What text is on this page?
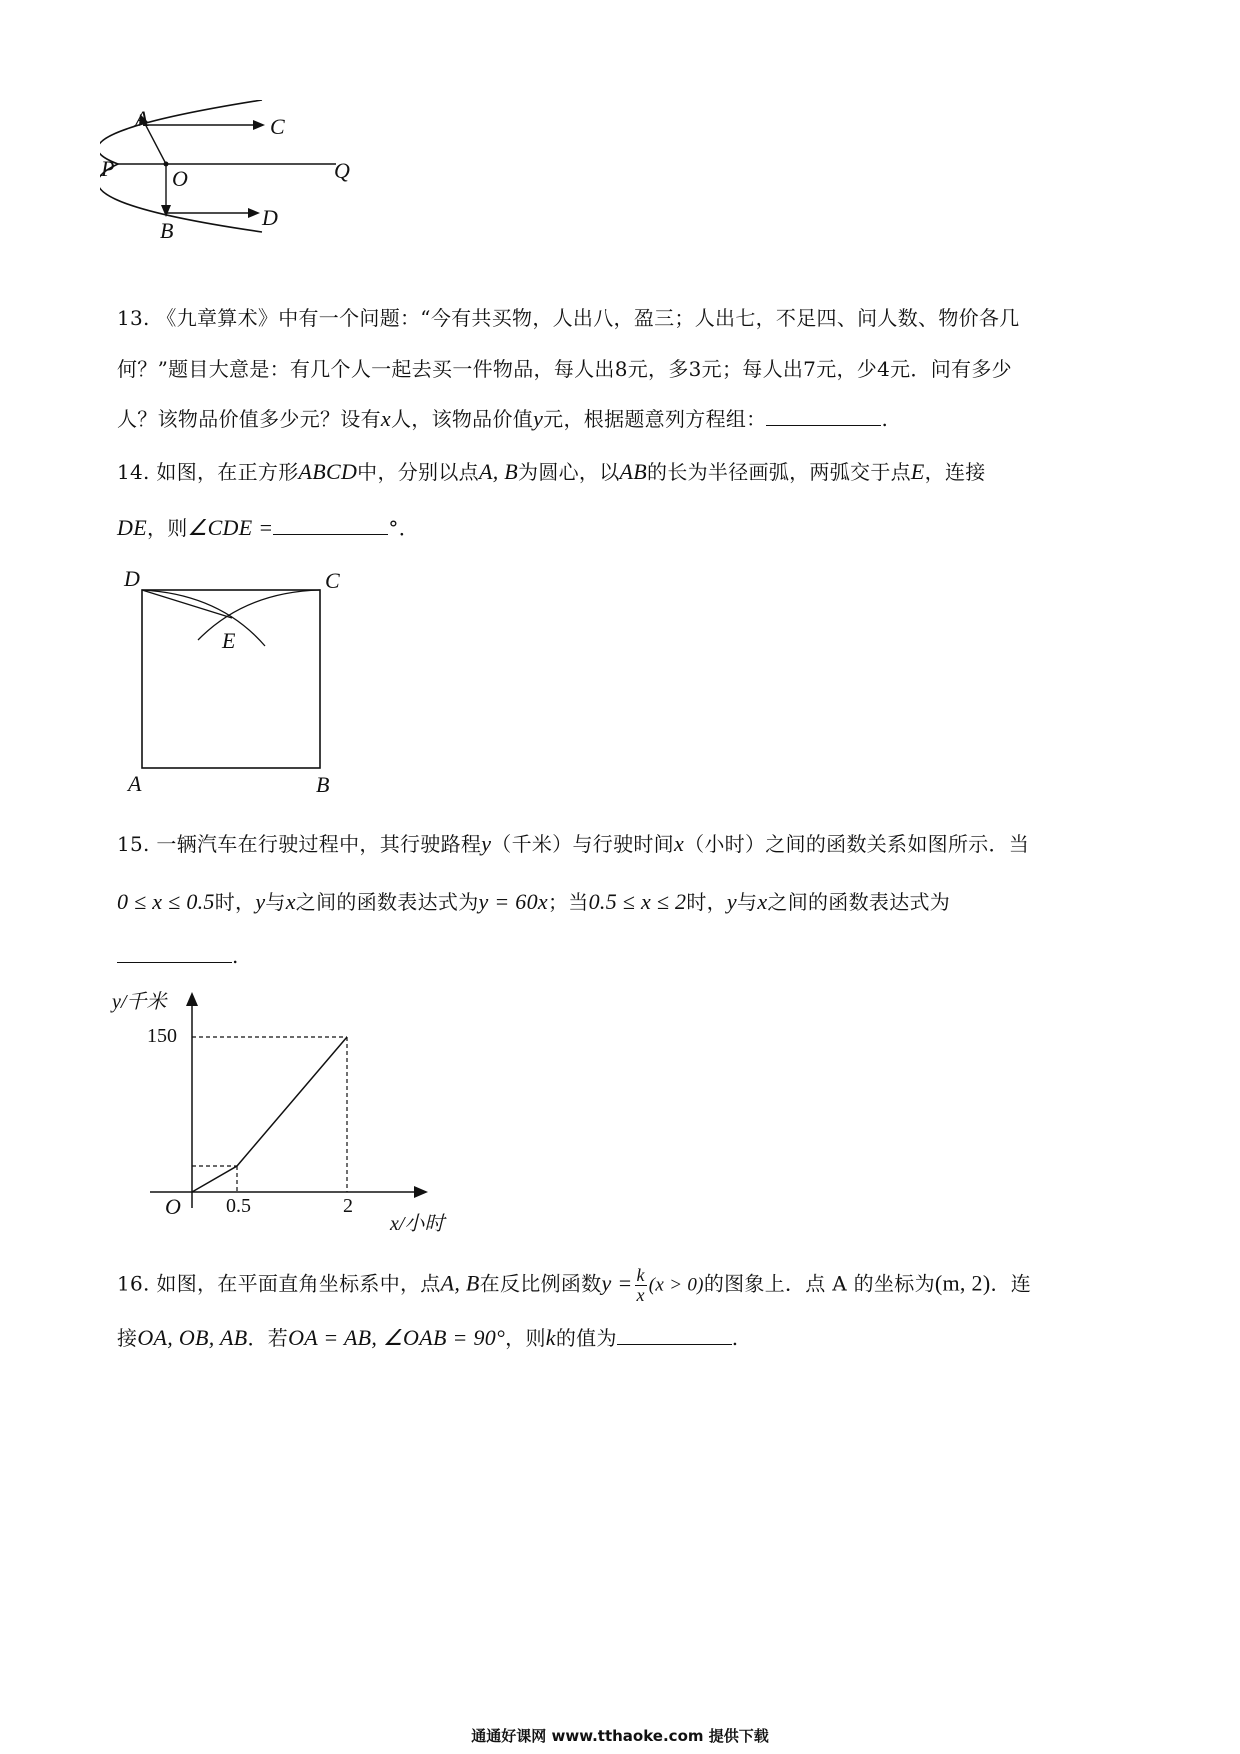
A	C
P	O	Q
D
B
13. 《九章算术》中有一个问题：“今有共买物，人出八，盈三；人出七，不足四、问人数、物价各几
何？”题目大意是：有几个人一起去买一件物品，每人出8元，多3元；每人出7元，少4元．问有多少
人？该物品价值多少元？设有x人，该物品价值y元，根据题意列方程组：	.
14. 如图，在正方形ABCD中，分别以点A, B为圆心，以AB的长为半径画弧，两弧交于点E，连接
DE，则∠CDE =	°．
D	C
E
A	B
15. 一辆汽车在行驶过程中，其行驶路程y（千米）与行驶时间x（小时）之间的函数关系如图所示．当
0 ≤ x ≤ 0.5时，y与x之间的函数表达式为y = 60x；当0.5 ≤ x ≤ 2时，y与x之间的函数表达式为
.
y/千米
150
O 0.5	2
x/小时
16. 如图，在平面直角坐标系中，点A, B在反比例函数$y = \frac{k}{x} (x > 0)$的图象上．点 A 的坐标为(m, 2)．连
接OA, OB, AB．若OA = AB, ∠OAB = 90°，则k的值为	.
通通好课网 www.tthaoke.com 提供下载
